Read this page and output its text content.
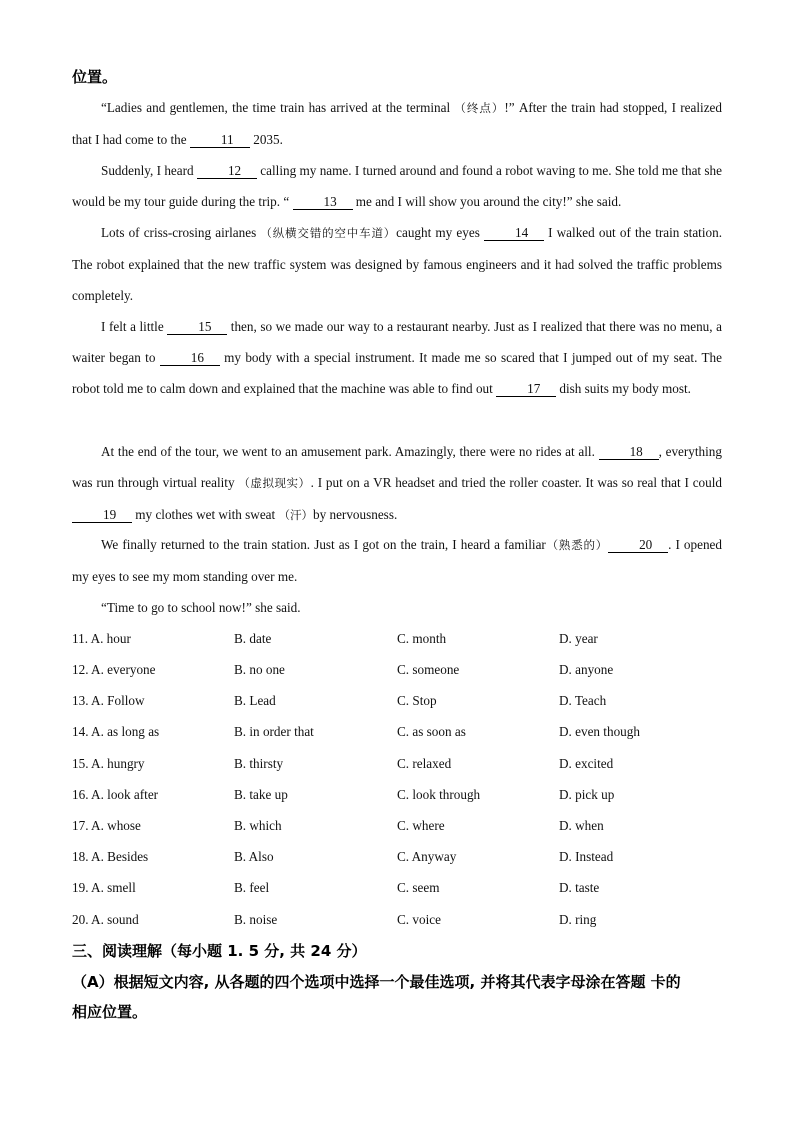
位置。

“Ladies and gentlemen, the time train has arrived at the terminal （终点）!” After the train had stopped, I realized that I had come to the 11 2035.

Suddenly, I heard 12 calling my name. I turned around and found a robot waving to me. She told me that she would be my tour guide during the trip. “ 13 me and I will show you around the city!” she said.

Lots of criss-crosing airlanes （纵横交错的空中车道）caught my eyes 14 I walked out of the train station. The robot explained that the new traffic system was designed by famous engineers and it had solved the traffic problems completely.

I felt a little 15 then, so we made our way to a restaurant nearby. Just as I realized that there was no menu, a waiter began to 16 my body with a special instrument. It made me so scared that I jumped out of my seat. The robot told me to calm down and explained that the machine was able to find out 17 dish suits my body most.

At the end of the tour, we went to an amusement park. Amazingly, there were no rides at all. 18 , everything was run through virtual reality （虚拟现实）. I put on a VR headset and tried the roller coaster. It was so real that I could 19 my clothes wet with sweat （汗）by nervousness.

We finally returned to the train station. Just as I got on the train, I heard a familiar（熟悉的） 20 . I opened my eyes to see my mom standing over me.

“Time to go to school now!” she said.

11. A. hour	B. date	C. month	D. year
12. A. everyone	B. no one	C. someone	D. anyone
13. A. Follow	B. Lead	C. Stop	D. Teach
14. A. as long as	B. in order that	C. as soon as	D. even though
15. A. hungry	B. thirsty	C. relaxed	D. excited
16. A. look after	B. take up	C. look through	D. pick up
17. A. whose	B. which	C. where	D. when
18. A. Besides	B. Also	C. Anyway	D. Instead
19. A. smell	B. feel	C. seem	D. taste
20. A. sound	B. noise	C. voice	D. ring
三、阅读理解（每小题 1. 5 分, 共 24 分）
（A）根据短文内容, 从各题的四个选项中选择一个最佳选项, 并将其代表字母涂在答题 卡的
相应位置。
